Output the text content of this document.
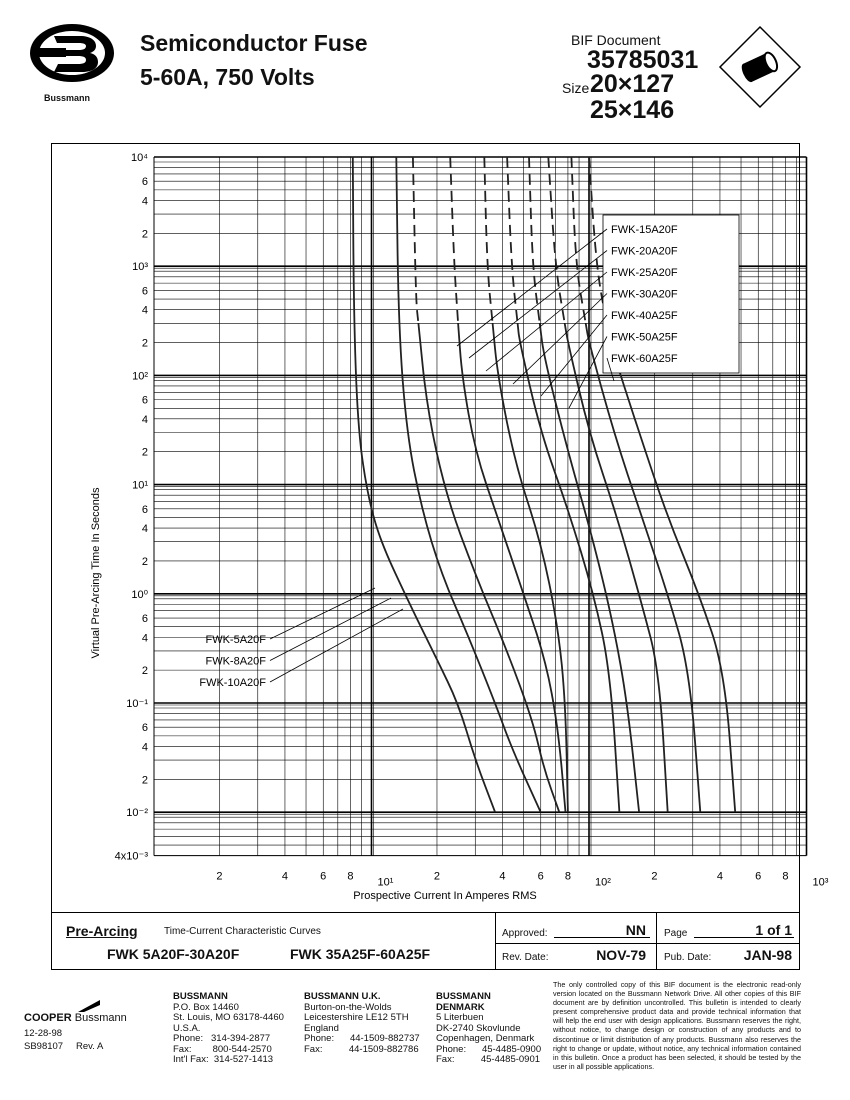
Bussmann
Semiconductor Fuse
5-60A, 750 Volts
BIF Document
35785031
Size 20×127
25×146
2	4	6 8 10¹	2	4	6 8 10²	2	4	6 8 10³
10⁴
6
4
2
10³
6
4
2
10²
6
4
2
10¹
6
4
2
10⁰
6
4
2
10⁻¹
6
4
2
10⁻²
4x10⁻³
FWK-15A20F
FWK-20A20F
FWK-25A20F
FWK-30A20F
FWK-40A25F
FWK-50A25F
FWK-60A25F
FWK-5A20F
FWK-8A20F
FWK-10A20F
Virtual Pre-Arcing Time In Seconds
Prospective Current In Amperes RMS
Pre-Arcing	Time-Current Characteristic Curves
FWK 5A20F-30A20F	FWK 35A25F-60A25F
Approved:	NN
Rev. Date:	NOV-79
Page	1 of 1
Pub. Date:	JAN-98
COOPER Bussmann
12-28-98
SB98107 Rev. A
BUSSMANN
P.O. Box 14460
St. Louis, MO 63178-4460
U.S.A.
Phone:   314-394-2877
Fax:        800-544-2570
Int'l Fax:  314-527-1413
BUSSMANN U.K.
Burton-on-the-Wolds
Leicestershire LE12 5TH
England
Phone:      44-1509-882737
Fax:          44-1509-882786
BUSSMANN
DENMARK
5 Literbuen
DK-2740 Skovlunde
Copenhagen, Denmark
Phone:      45-4485-0900
Fax:          45-4485-0901
The only controlled copy of this BIF document is the electronic read-only version located on the Bussmann Network Drive. All other copies of this BIF document are by definition uncontrolled. This bulletin is intended to clearly present comprehensive product data and provide technical information that will help the end user with design applications. Bussmann reserves the right, without notice, to change design or construction of any products and to discontinue or limit distribution of any products. Bussmann also reserves the right to change or update, without notice, any technical information contained in this bulletin. Once a product has been selected, it should be tested by the user in all possible applications.
